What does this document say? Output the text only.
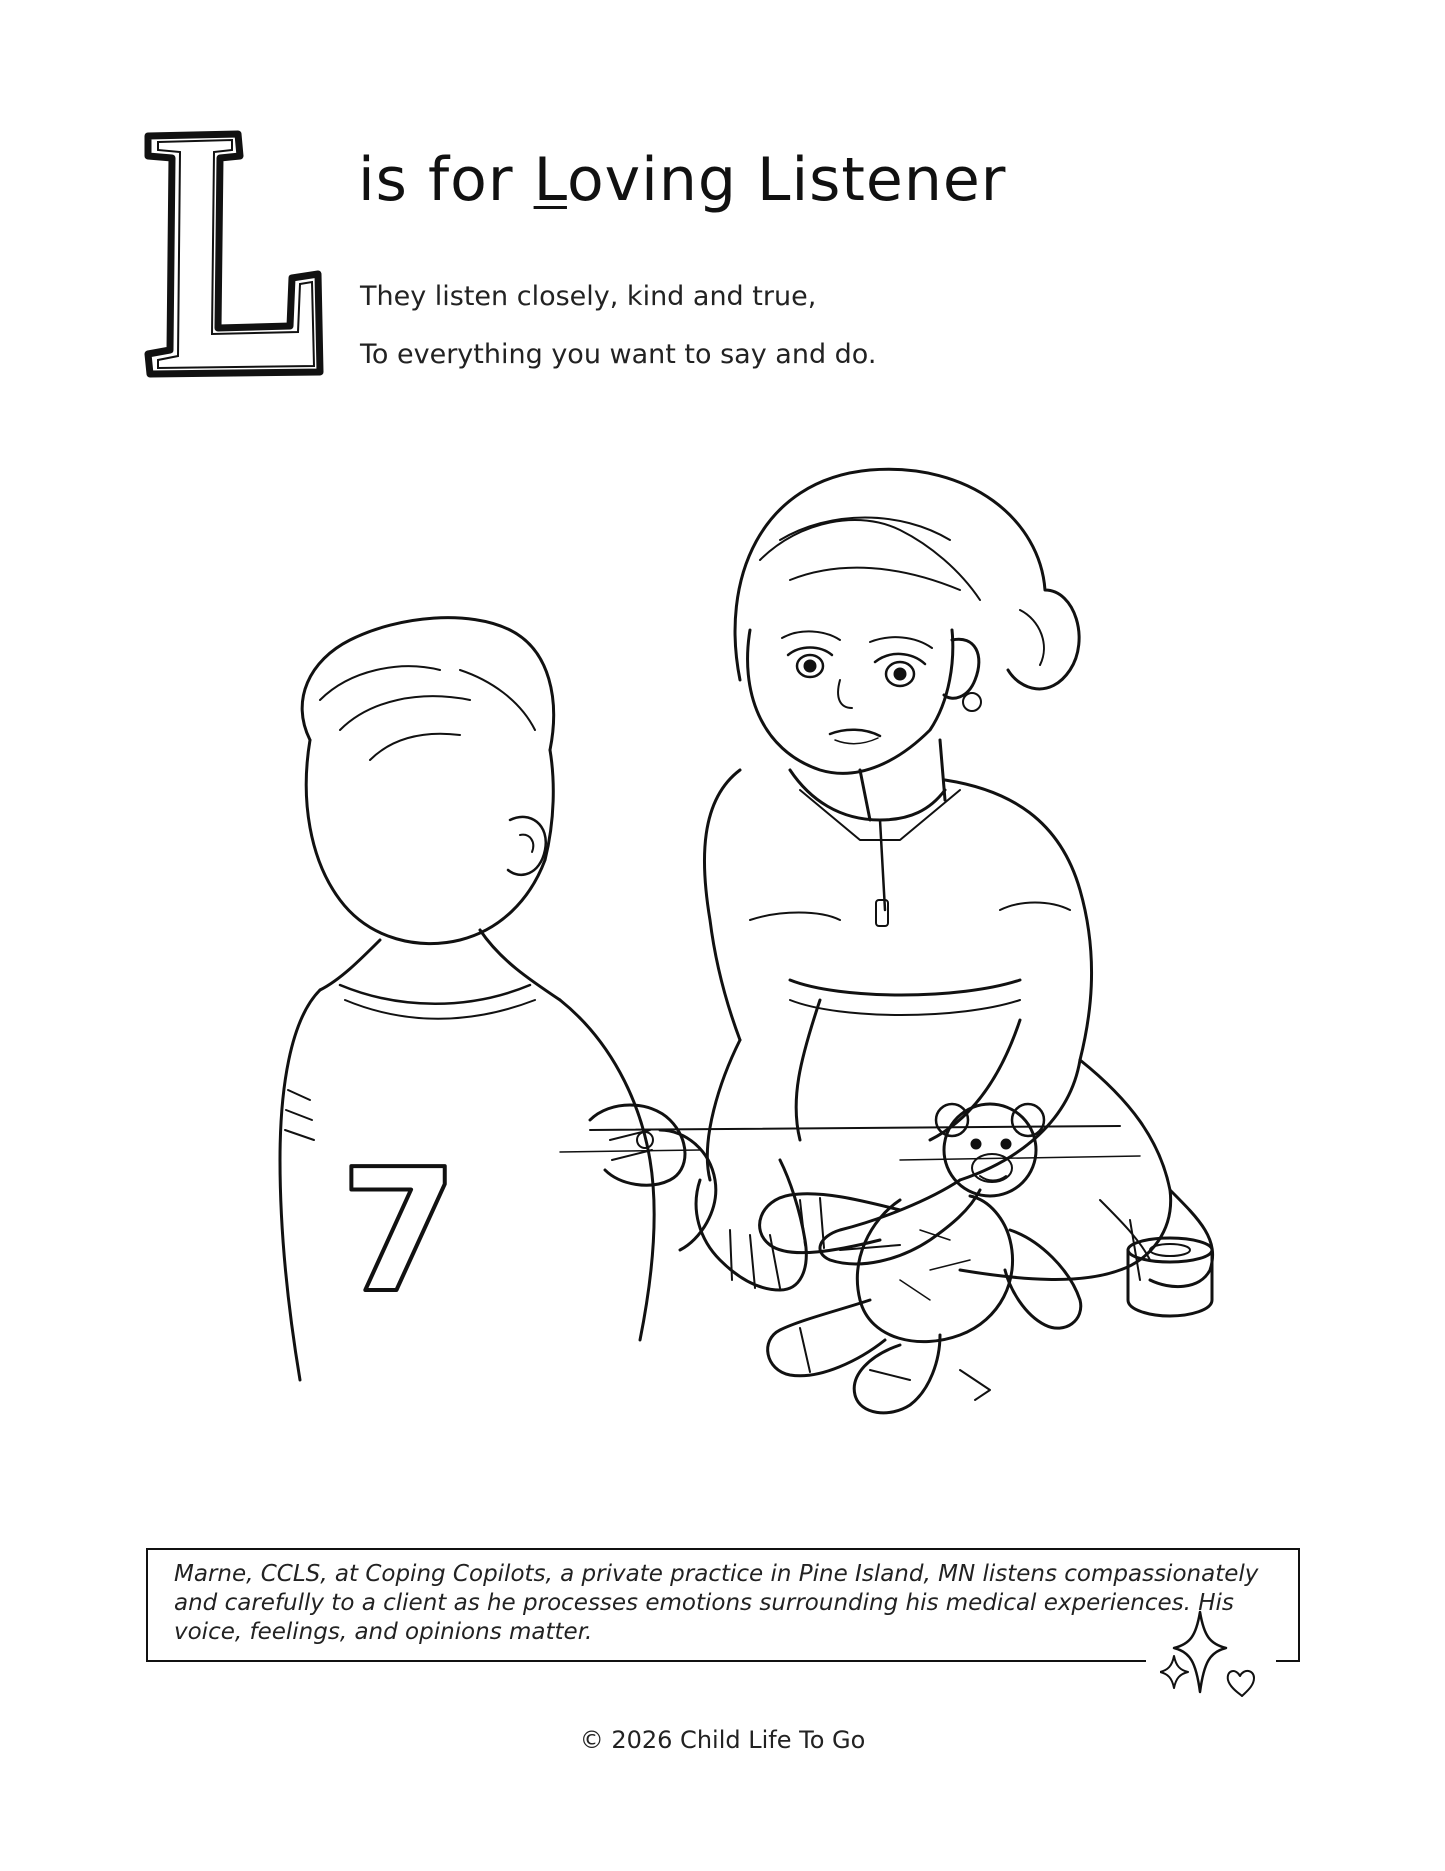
is for Loving Listener
They listen closely, kind and true,
To everything you want to say and do.
7
Marne, CCLS, at Coping Copilots, a private practice in Pine Island, MN listens compassionately and carefully to a client as he processes emotions surrounding his medical experiences. His voice, feelings, and opinions matter.
© 2026 Child Life To Go
